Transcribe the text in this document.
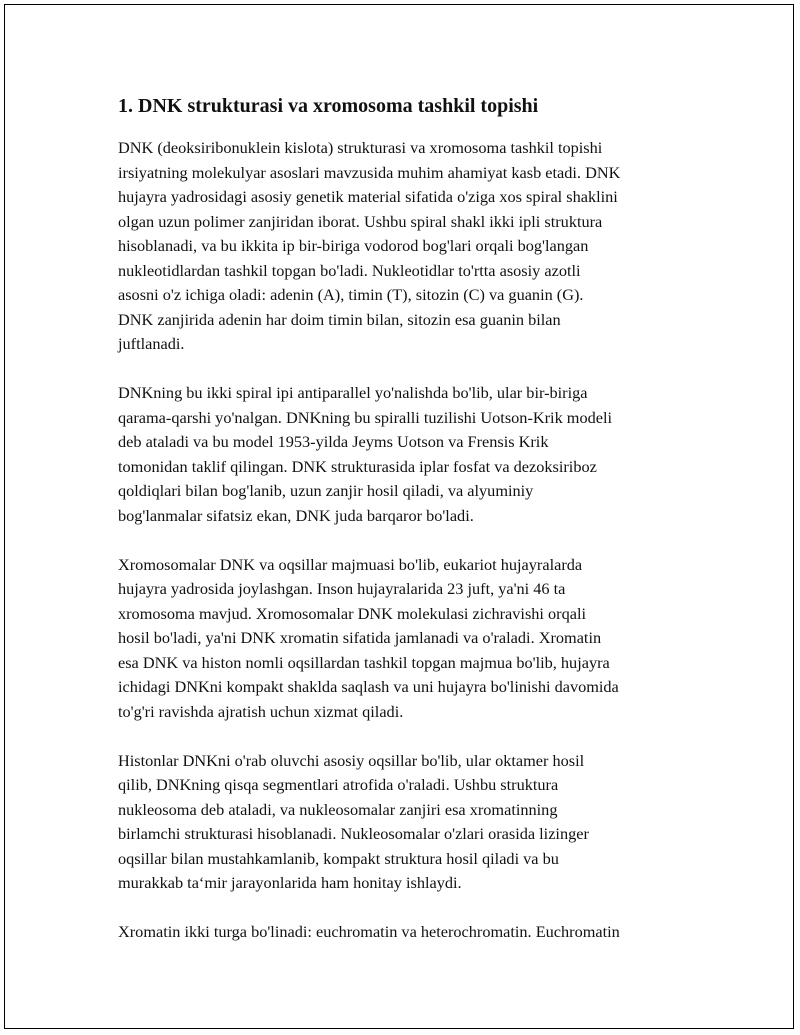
1. DNK strukturasi va xromosoma tashkil topishi

DNK (deoksiribonuklein kislota) strukturasi va xromosoma tashkil topishi
irsiyatning molekulyar asoslari mavzusida muhim ahamiyat kasb etadi. DNK
hujayra yadrosidagi asosiy genetik material sifatida o'ziga xos spiral shaklini
olgan uzun polimer zanjiridan iborat. Ushbu spiral shakl ikki ipli struktura
hisoblanadi, va bu ikkita ip bir-biriga vodorod bog'lari orqali bog'langan
nukleotidlardan tashkil topgan bo'ladi. Nukleotidlar to'rtta asosiy azotli
asosni o'z ichiga oladi: adenin (A), timin (T), sitozin (C) va guanin (G).
DNK zanjirida adenin har doim timin bilan, sitozin esa guanin bilan
juftlanadi.

DNKning bu ikki spiral ipi antiparallel yo'nalishda bo'lib, ular bir-biriga
qarama-qarshi yo'nalgan. DNKning bu spiralli tuzilishi Uotson-Krik modeli
deb ataladi va bu model 1953-yilda Jeyms Uotson va Frensis Krik
tomonidan taklif qilingan. DNK strukturasida iplar fosfat va dezoksiriboz
qoldiqlari bilan bog'lanib, uzun zanjir hosil qiladi, va alyuminiy
bog'lanmalar sifatsiz ekan, DNK juda barqaror bo'ladi.

Xromosomalar DNK va oqsillar majmuasi bo'lib, eukariot hujayralarda
hujayra yadrosida joylashgan. Inson hujayralarida 23 juft, ya'ni 46 ta
xromosoma mavjud. Xromosomalar DNK molekulasi zichravishi orqali
hosil bo'ladi, ya'ni DNK xromatin sifatida jamlanadi va o'raladi. Xromatin
esa DNK va histon nomli oqsillardan tashkil topgan majmua bo'lib, hujayra
ichidagi DNKni kompakt shaklda saqlash va uni hujayra bo'linishi davomida
to'g'ri ravishda ajratish uchun xizmat qiladi.

Histonlar DNKni o'rab oluvchi asosiy oqsillar bo'lib, ular oktamer hosil
qilib, DNKning qisqa segmentlari atrofida o'raladi. Ushbu struktura
nukleosoma deb ataladi, va nukleosomalar zanjiri esa xromatinning
birlamchi strukturasi hisoblanadi. Nukleosomalar o'zlari orasida lizinger
oqsillar bilan mustahkamlanib, kompakt struktura hosil qiladi va bu
murakkab ta‘mir jarayonlarida ham honitay ishlaydi.

Xromatin ikki turga bo'linadi: euchromatin va heterochromatin. Euchromatin
